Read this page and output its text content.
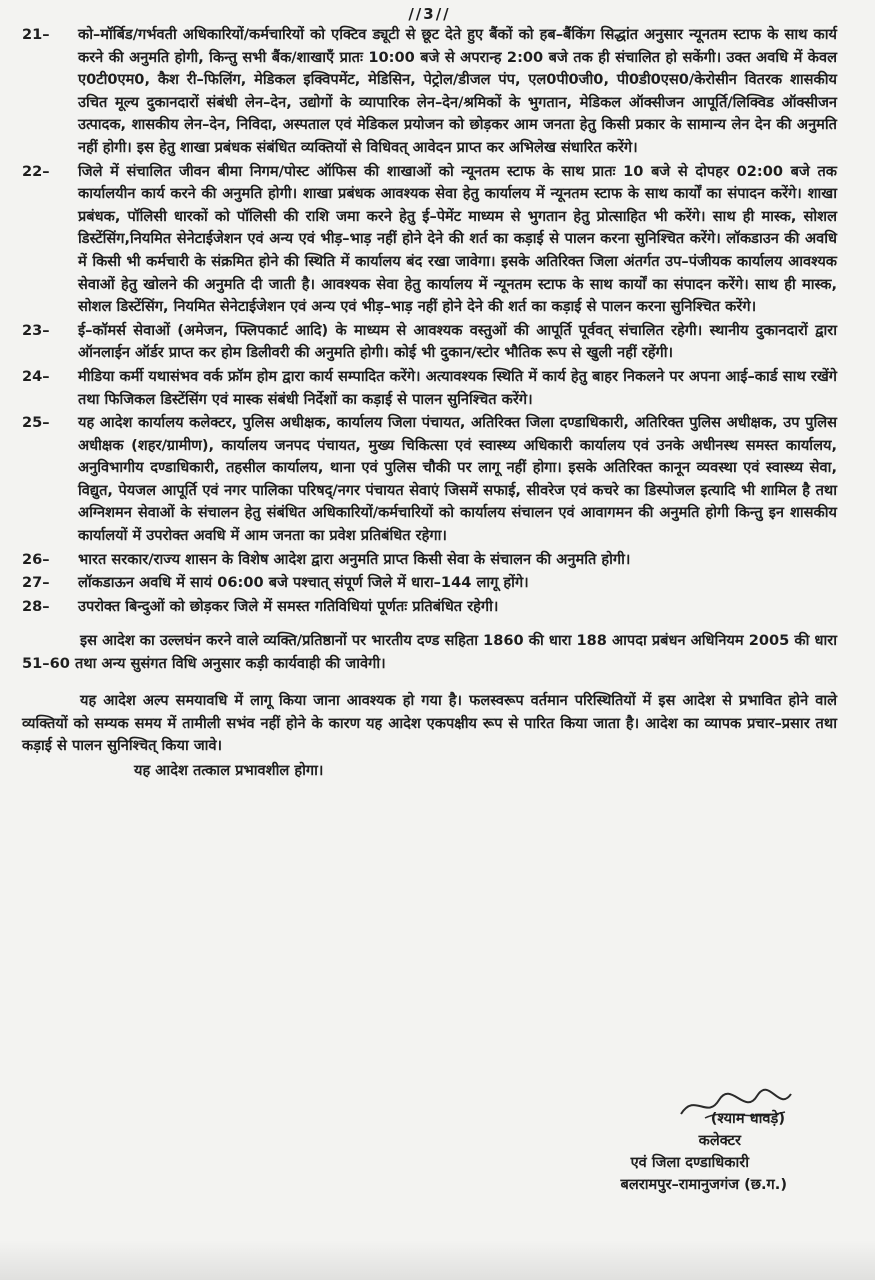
//3//
21–	को–मॉर्बिड/गर्भवती अधिकारियों/कर्मचारियों को एक्टिव ड्यूटी से छूट देते हुए बैंकों को हब–बैंकिंग सिद्धांत अनुसार न्यूनतम स्टाफ के साथ कार्य करने की अनुमति होगी, किन्तु सभी बैंक/शाखाएँ प्रातः 10:00 बजे से अपरान्ह 2:00 बजे तक ही संचालित हो सकेंगी। उक्त अवधि में केवल ए0टी0एम0, कैश री–फिलिंग, मेडिकल इक्विपमेंट, मेडिसिन, पेट्रोल/डीजल पंप, एल0पी0जी0, पी0डी0एस0/केरोसीन वितरक शासकीय उचित मूल्य दुकानदारों संबंधी लेन–देन, उद्योगों के व्यापारिक लेन–देन/श्रमिकों के भुगतान, मेडिकल ऑक्सीजन आपूर्ति/लिक्विड ऑक्सीजन उत्पादक, शासकीय लेन–देन, निविदा, अस्पताल एवं मेडिकल प्रयोजन को छोड़कर आम जनता हेतु किसी प्रकार के सामान्य लेन देन की अनुमति नहीं होगी। इस हेतु शाखा प्रबंधक संबंधित व्यक्तियों से विधिवत् आवेदन प्राप्त कर अभिलेख संधारित करेंगे।
22–	जिले में संचालित जीवन बीमा निगम/पोस्ट ऑफिस की शाखाओं को न्यूनतम स्टाफ के साथ प्रातः 10 बजे से दोपहर 02:00 बजे तक कार्यालयीन कार्य करने की अनुमति होगी। शाखा प्रबंधक आवश्यक सेवा हेतु कार्यालय में न्यूनतम स्टाफ के साथ कार्यों का संपादन करेंगे। शाखा प्रबंधक, पॉलिसी धारकों को पॉलिसी की राशि जमा करने हेतु ई–पेमेंट माध्यम से भुगतान हेतु प्रोत्साहित भी करेंगे। साथ ही मास्क, सोशल डिस्टेंसिंग,नियमित सेनेटाईजेशन एवं अन्य एवं भीड़–भाड़ नहीं होने देने की शर्त का कड़ाई से पालन करना सुनिश्चित करेंगे। लॉकडाउन की अवधि में किसी भी कर्मचारी के संक्रमित होने की स्थिति में कार्यालय बंद रखा जावेगा। इसके अतिरिक्त जिला अंतर्गत उप–पंजीयक कार्यालय आवश्यक सेवाओं हेतु खोलने की अनुमति दी जाती है। आवश्यक सेवा हेतु कार्यालय में न्यूनतम स्टाफ के साथ कार्यों का संपादन करेंगे। साथ ही मास्क, सोशल डिस्टेंसिंग, नियमित सेनेटाईजेशन एवं अन्य एवं भीड़–भाड़ नहीं होने देने की शर्त का कड़ाई से पालन करना सुनिश्चित करेंगे।
23–	ई–कॉमर्स सेवाओं (अमेजन, फ्लिपकार्ट आदि) के माध्यम से आवश्यक वस्तुओं की आपूर्ति पूर्ववत् संचालित रहेगी। स्थानीय दुकानदारों द्वारा ऑनलाईन ऑर्डर प्राप्त कर होम डिलीवरी की अनुमति होगी। कोई भी दुकान/स्टोर भौतिक रूप से खुली नहीं रहेंगी।
24–	मीडिया कर्मी यथासंभव वर्क फ्रॉम होम द्वारा कार्य सम्पादित करेंगे। अत्यावश्यक स्थिति में कार्य हेतु बाहर निकलने पर अपना आई–कार्ड साथ रखेंगे तथा फिजिकल डिस्टेंसिंग एवं मास्क संबंधी निर्देशों का कड़ाई से पालन सुनिश्चित करेंगे।
25–	यह आदेश कार्यालय कलेक्टर, पुलिस अधीक्षक, कार्यालय जिला पंचायत, अतिरिक्त जिला दण्डाधिकारी, अतिरिक्त पुलिस अधीक्षक, उप पुलिस अधीक्षक (शहर/ग्रामीण), कार्यालय जनपद पंचायत, मुख्य चिकित्सा एवं स्वास्थ्य अधिकारी कार्यालय एवं उनके अधीनस्थ समस्त कार्यालय, अनुविभागीय दण्डाधिकारी, तहसील कार्यालय, थाना एवं पुलिस चौकी पर लागू नहीं होगा। इसके अतिरिक्त कानून व्यवस्था एवं स्वास्थ्य सेवा, विद्युत, पेयजल आपूर्ति एवं नगर पालिका परिषद्/नगर पंचायत सेवाएं जिसमें सफाई, सीवरेज एवं कचरे का डिस्पोजल इत्यादि भी शामिल है तथा अग्निशमन सेवाओं के संचालन हेतु संबंधित अधिकारियों/कर्मचारियों को कार्यालय संचालन एवं आवागमन की अनुमति होगी किन्तु इन शासकीय कार्यालयों में उपरोक्त अवधि में आम जनता का प्रवेश प्रतिबंधित रहेगा।
26–	भारत सरकार/राज्य शासन के विशेष आदेश द्वारा अनुमति प्राप्त किसी सेवा के संचालन की अनुमति होगी।
27–	लॉकडाऊन अवधि में सायं 06:00 बजे पश्चात् संपूर्ण जिले में धारा–144 लागू होंगे।
28–	उपरोक्त बिन्दुओं को छोड़कर जिले में समस्त गतिविधियां पूर्णतः प्रतिबंधित रहेगी।

इस आदेश का उल्लघंन करने वाले व्यक्ति/प्रतिष्ठानों पर भारतीय दण्ड सहिता 1860 की धारा 188 आपदा प्रबंधन अधिनियम 2005 की धारा 51–60 तथा अन्य सुसंगत विधि अनुसार कड़ी कार्यवाही की जावेगी।

यह आदेश अल्प समयावधि में लागू किया जाना आवश्यक हो गया है। फलस्वरूप वर्तमान परिस्थितियों में इस आदेश से प्रभावित होने वाले व्यक्तियों को सम्यक समय में तामीली सभंव नहीं होने के कारण यह आदेश एकपक्षीय रूप से पारित किया जाता है। आदेश का व्यापक प्रचार–प्रसार तथा कड़ाई से पालन सुनिश्चित् किया जावे।

यह आदेश तत्काल प्रभावशील होगा।
(श्याम धावड़े)
कलेक्टर
एवं जिला दण्डाधिकारी
बलरामपुर–रामानुजगंज (छ.ग.)
